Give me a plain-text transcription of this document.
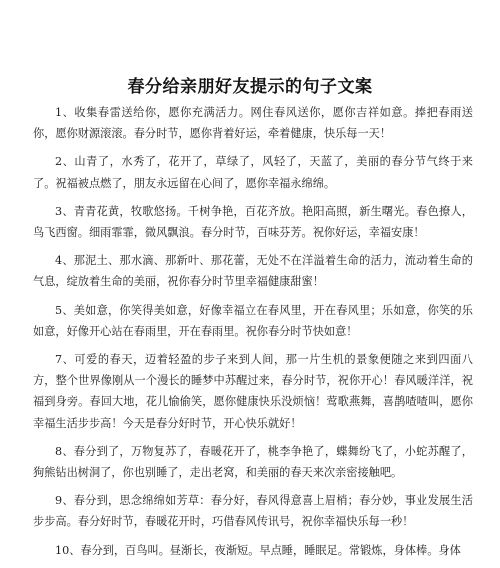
春分给亲朋好友提示的句子文案

1、收集春雷送给你，愿你充满活力。网住春风送你，愿你吉祥如意。捧把春雨送你，愿你财源滚滚。春分时节，愿你背着好运，牵着健康，快乐每一天！

2、山青了，水秀了，花开了，草绿了，风轻了，天蓝了，美丽的春分节气终于来了。祝福被点燃了，朋友永远留在心间了，愿你幸福永绵绵。

3、青青花黄，牧歌悠扬。千树争艳，百花齐放。艳阳高照，新生曙光。春色撩人，鸟飞西窗。细雨霏霏，微风飘浪。春分时节，百味芬芳。祝你好运，幸福安康！

4、那泥土、那水滴、那新叶、那花蕾，无处不在洋溢着生命的活力，流动着生命的气息，绽放着生命的美丽，祝你春分时节里幸福健康甜蜜！

5、美如意，你笑得美如意，好像幸福立在春风里，开在春风里；乐如意，你笑的乐如意，好像开心站在春雨里，开在春雨里。祝你春分时节快如意！

7、可爱的春天，迈着轻盈的步子来到人间，那一片生机的景象便随之来到四面八方，整个世界像刚从一个漫长的睡梦中苏醒过来，春分时节，祝你开心！春风暖洋洋，祝福到身旁。春回大地，花儿愉偷笑，愿你健康快乐没烦恼！莺歌燕舞，喜鹊喳喳叫，愿你幸福生活步步高！今天是春分好时节，开心快乐就好！

8、春分到了，万物复苏了，春暖花开了，桃李争艳了，蝶舞纷飞了，小蛇苏醒了，狗熊钻出树洞了，你也别睡了，走出老窝，和美丽的春天来次亲密接触吧。

9、春分到，思念绵绵如芳草：春分好，春风得意喜上眉梢；春分妙，事业发展生活步步高。春分好时节，春暖花开时，巧借春风传讯号，祝你幸福快乐每一秒！

10、春分到，百鸟叫。昼渐长，夜渐短。早点睡，睡眠足。常锻炼，身体棒。身体
